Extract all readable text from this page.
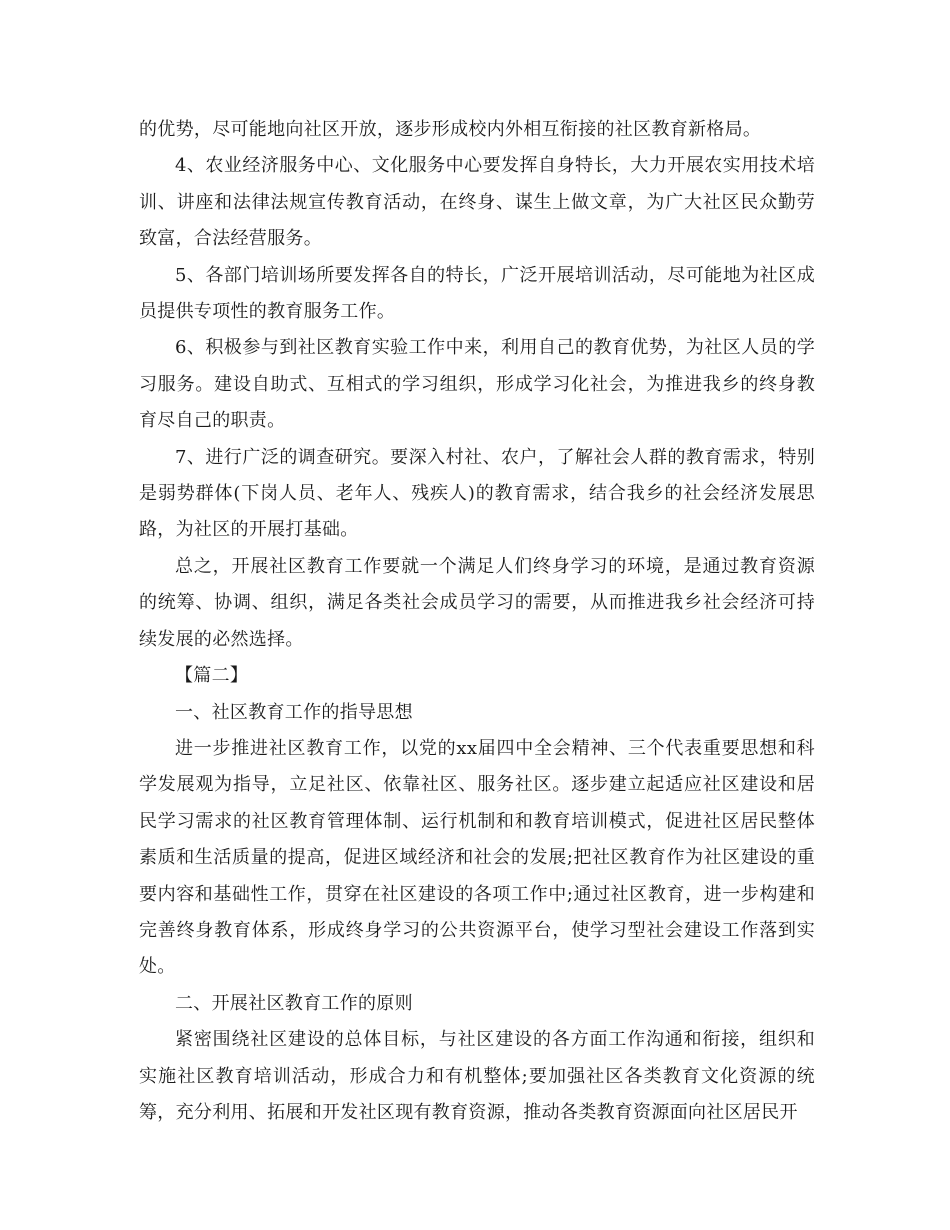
的优势，尽可能地向社区开放，逐步形成校内外相互衔接的社区教育新格局。

4、农业经济服务中心、文化服务中心要发挥自身特长，大力开展农实用技术培训、讲座和法律法规宣传教育活动，在终身、谋生上做文章，为广大社区民众勤劳致富，合法经营服务。

5、各部门培训场所要发挥各自的特长，广泛开展培训活动，尽可能地为社区成员提供专项性的教育服务工作。

6、积极参与到社区教育实验工作中来，利用自己的教育优势，为社区人员的学习服务。建设自助式、互相式的学习组织，形成学习化社会，为推进我乡的终身教育尽自己的职责。

7、进行广泛的调查研究。要深入村社、农户，了解社会人群的教育需求，特别是弱势群体(下岗人员、老年人、残疾人)的教育需求，结合我乡的社会经济发展思路，为社区的开展打基础。

总之，开展社区教育工作要就一个满足人们终身学习的环境，是通过教育资源的统筹、协调、组织，满足各类社会成员学习的需要，从而推进我乡社会经济可持续发展的必然选择。

【篇二】

一、社区教育工作的指导思想

进一步推进社区教育工作，以党的xx届四中全会精神、三个代表重要思想和科学发展观为指导，立足社区、依靠社区、服务社区。逐步建立起适应社区建设和居民学习需求的社区教育管理体制、运行机制和和教育培训模式，促进社区居民整体素质和生活质量的提高，促进区域经济和社会的发展;把社区教育作为社区建设的重要内容和基础性工作，贯穿在社区建设的各项工作中;通过社区教育，进一步构建和完善终身教育体系，形成终身学习的公共资源平台，使学习型社会建设工作落到实处。

二、开展社区教育工作的原则

紧密围绕社区建设的总体目标，与社区建设的各方面工作沟通和衔接，组织和实施社区教育培训活动，形成合力和有机整体;要加强社区各类教育文化资源的统筹，充分利用、拓展和开发社区现有教育资源，推动各类教育资源面向社区居民开
